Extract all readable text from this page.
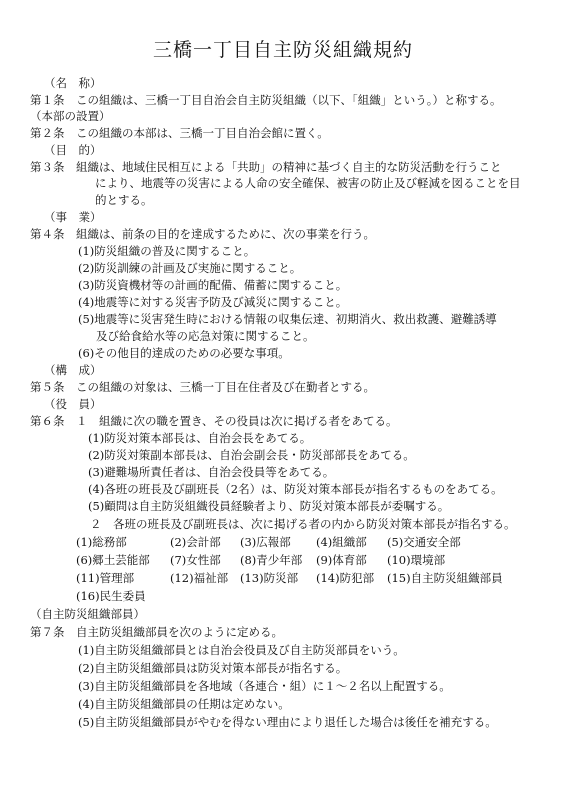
三橋一丁目自主防災組織規約
（名　称）
第１条　この組織は、三橋一丁目自治会自主防災組織（以下、「組織」という。）と称する。
（本部の設置）
第２条　この組織の本部は、三橋一丁目自治会館に置く。
（目　的）
第３条　組織は、地域住民相互による「共助」の精神に基づく自主的な防災活動を行うこと
により、地震等の災害による人命の安全確保、被害の防止及び軽減を図ることを目
的とする。
（事　業）
第４条　組織は、前条の目的を達成するために、次の事業を行う。
(1)防災組織の普及に関すること。
(2)防災訓練の計画及び実施に関すること。
(3)防災資機材等の計画的配備、備蓄に関すること。
(4)地震等に対する災害予防及び減災に関すること。
(5)地震等に災害発生時における情報の収集伝達、初期消火、救出救護、避難誘導
及び給食給水等の応急対策に関すること。
(6)その他目的達成のための必要な事項。
（構　成）
第５条　この組織の対象は、三橋一丁目在住者及び在勤者とする。
（役　員）
第６条　１　組織に次の職を置き、その役員は次に掲げる者をあてる。
(1)防災対策本部長は、自治会長をあてる。
(2)防災対策副本部長は、自治会副会長・防災部部長をあてる。
(3)避難場所責任者は、自治会役員等をあてる。
(4)各班の班長及び副班長（2名）は、防災対策本部長が指名するものをあてる。
(5)顧問は自主防災組織役員経験者より、防災対策本部長が委嘱する。
２　各班の班長及び副班長は、次に掲げる者の内から防災対策本部長が指名する。
(1)総務部	(2)会計部 (3)広報部 (4)組織部 (5)交通安全部
(6)郷土芸能部 (7)女性部 (8)青少年部 (9)体育部 (10)環境部
(11)管理部	(12)福祉部 (13)防災部 (14)防犯部 (15)自主防災組織部員
(16)民生委員
（自主防災組織部員）
第７条　自主防災組織部員を次のように定める。
(1)自主防災組織部員とは自治会役員及び自主防災部員をいう。
(2)自主防災組織部員は防災対策本部長が指名する。
(3)自主防災組織部員を各地域（各連合・組）に１～２名以上配置する。
(4)自主防災組織部員の任期は定めない。
(5)自主防災組織部員がやむを得ない理由により退任した場合は後任を補充する。
